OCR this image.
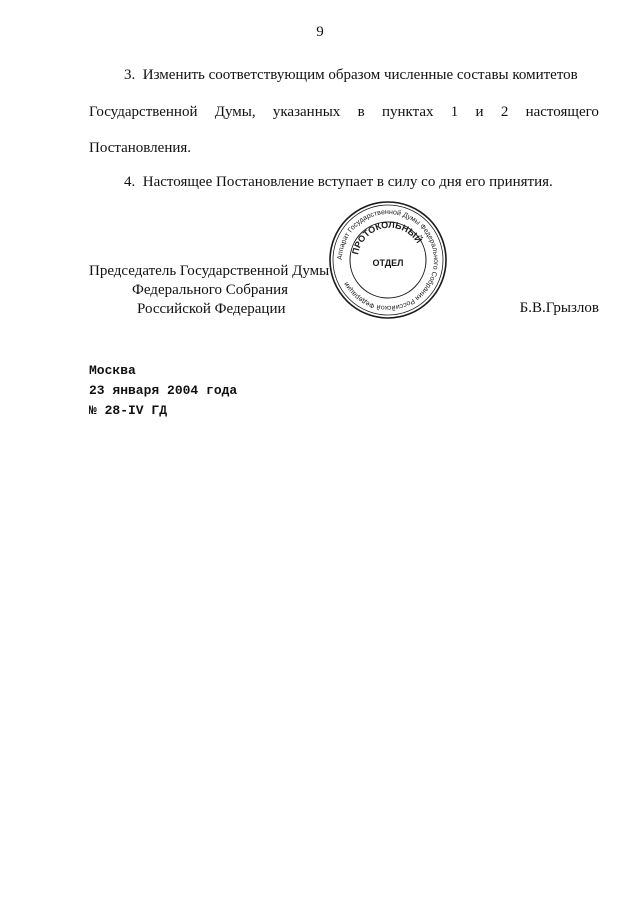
9
3. Изменить соответствующим образом численные составы комитетов
Государственной Думы, указанных в пунктах 1 и 2 настоящего
Постановления.
4. Настоящее Постановление вступает в силу со дня его принятия.
Аппарат Государственной Думы Федерального Собрания Российской Федерации
ПРОТОКОЛЬНЫЙ
ОТДЕЛ
Председатель Государственной Думы
Федерального Собрания
Российской Федерации	Б.В.Грызлов
Москва
23 января 2004 года
№ 28-IV ГД
